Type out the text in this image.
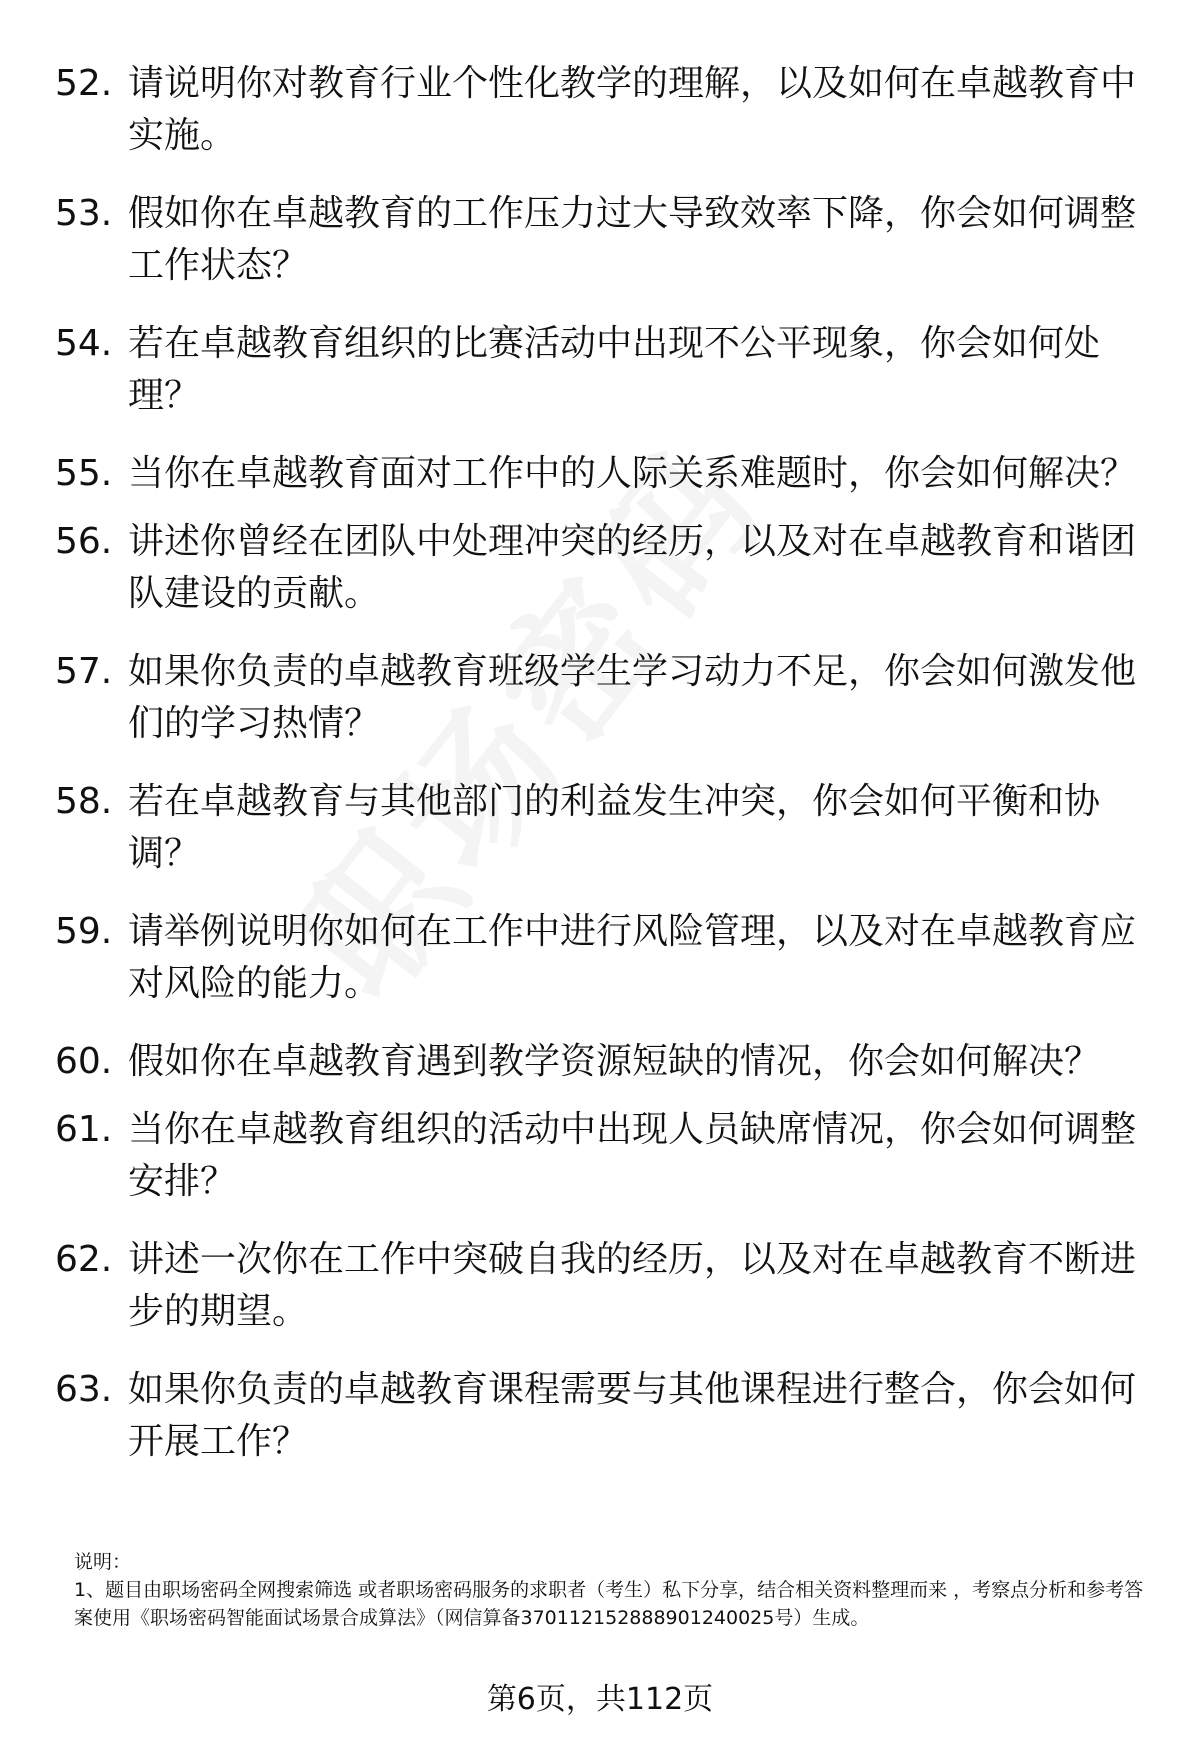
52. 请说明你对教育行业个性化教学的理解，以及如何在卓越教育中实施。
53. 假如你在卓越教育的工作压力过大导致效率下降，你会如何调整工作状态？
54. 若在卓越教育组织的比赛活动中出现不公平现象，你会如何处理？
55. 当你在卓越教育面对工作中的人际关系难题时，你会如何解决？
56. 讲述你曾经在团队中处理冲突的经历，以及对在卓越教育和谐团队建设的贡献。
57. 如果你负责的卓越教育班级学生学习动力不足，你会如何激发他们的学习热情？
58. 若在卓越教育与其他部门的利益发生冲突，你会如何平衡和协调？
59. 请举例说明你如何在工作中进行风险管理，以及对在卓越教育应对风险的能力。
60. 假如你在卓越教育遇到教学资源短缺的情况，你会如何解决？
61. 当你在卓越教育组织的活动中出现人员缺席情况，你会如何调整安排？
62. 讲述一次你在工作中突破自我的经历，以及对在卓越教育不断进步的期望。
63. 如果你负责的卓越教育课程需要与其他课程进行整合，你会如何开展工作？

说明：

1、题目由职场密码全网搜索筛选 或者职场密码服务的求职者（考生）私下分享，结合相关资料整理而来 ，考察点分析和参考答案使用《职场密码智能面试场景合成算法》（网信算备370112152888901240025号）生成。

第6页，共112页
